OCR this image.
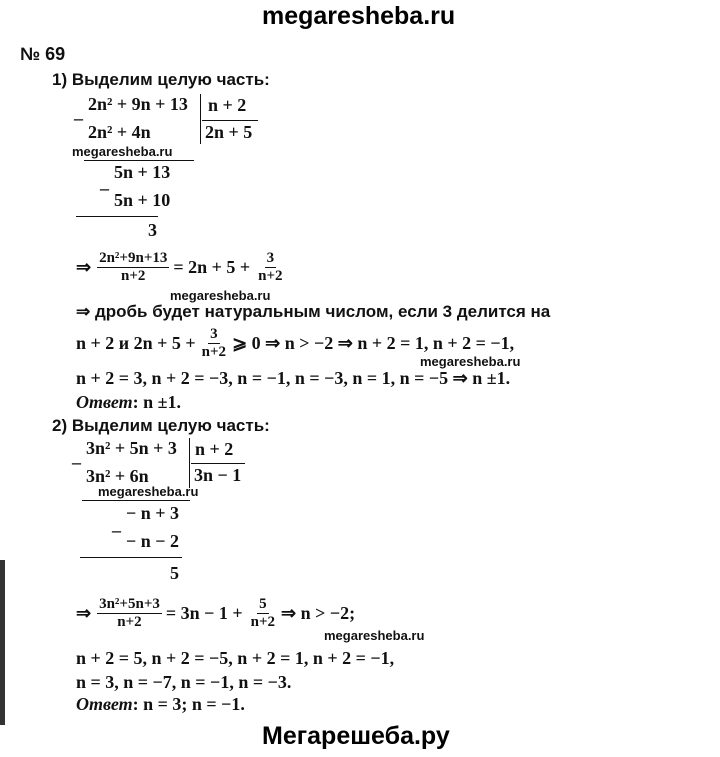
megaresheba.ru
Мегарешеба.ру
№ 69
1) Выделим целую часть:
_ 2n² + 9n + 13 n + 2
2n + 5
2n² + 4n
megaresheba.ru
_ 5n + 13
5n + 10
3
⇒ $\frac{\text{2n²+9n+13}}{n+2} = 2n + 5 + \frac{3}{n+2}$
megaresheba.ru
⇒ дробь будет натуральным числом, если 3 делится на
n + 2 и $2n + 5 + \frac{3}{n+2}$ ⩾ 0 ⇒ n > −2 ⇒ n + 2 = 1, n + 2 = −1,
megaresheba.ru
n + 2 = 3, n + 2 = −3, n = −1, n = −3, n = 1, n = −5 ⇒ n ±1.
Ответ: n ±1.
2) Выделим целую часть:
_ 3n² + 5n + 3 n + 2
3n − 1
3n² + 6n
megaresheba.ru
_
− n + 3
− n − 2
5
⇒ $\frac{\text{3n²+5n+3}}{n+2} = 3n - 1 + \frac{5}{n+2}$ ⇒ n > −2;
megaresheba.ru
n + 2 = 5, n + 2 = −5, n + 2 = 1, n + 2 = −1,
n = 3, n = −7, n = −1, n = −3.
Ответ: n = 3; n = −1.
